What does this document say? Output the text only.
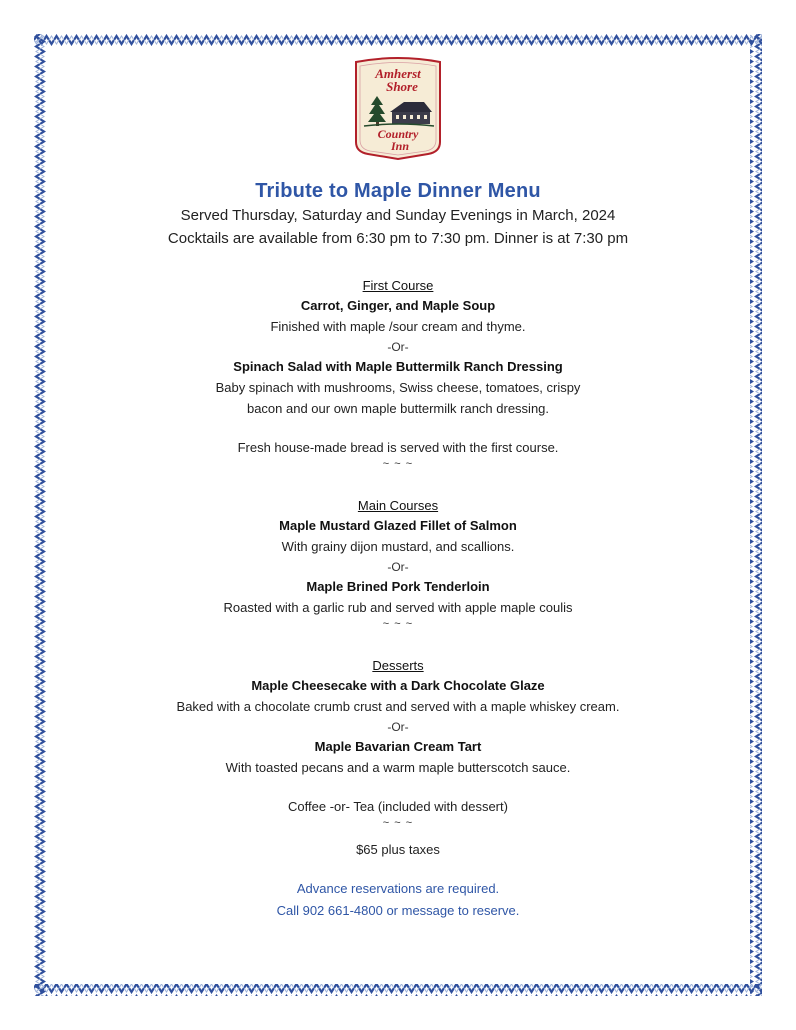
Amherst
Shore
Country
Inn
Tribute to Maple Dinner Menu
Served Thursday, Saturday and Sunday Evenings in March, 2024
Cocktails are available from 6:30 pm to 7:30 pm. Dinner is at 7:30 pm
First Course
Carrot, Ginger, and Maple Soup
Finished with maple /sour cream and thyme.
-Or-
Spinach Salad with Maple Buttermilk Ranch Dressing
Baby spinach with mushrooms, Swiss cheese, tomatoes, crispy
bacon and our own maple buttermilk ranch dressing.
Fresh house-made bread is served with the first course.
~ ~ ~
Main Courses
Maple Mustard Glazed Fillet of Salmon
With grainy dijon mustard, and scallions.
-Or-
Maple Brined Pork Tenderloin
Roasted with a garlic rub and served with apple maple coulis
~ ~ ~
Desserts
Maple Cheesecake with a Dark Chocolate Glaze
Baked with a chocolate crumb crust and served with a maple whiskey cream.
-Or-
Maple Bavarian Cream Tart
With toasted pecans and a warm maple butterscotch sauce.
Coffee -or- Tea (included with dessert)
~ ~ ~
$65 plus taxes
Advance reservations are required.
Call 902 661-4800 or message to reserve.
